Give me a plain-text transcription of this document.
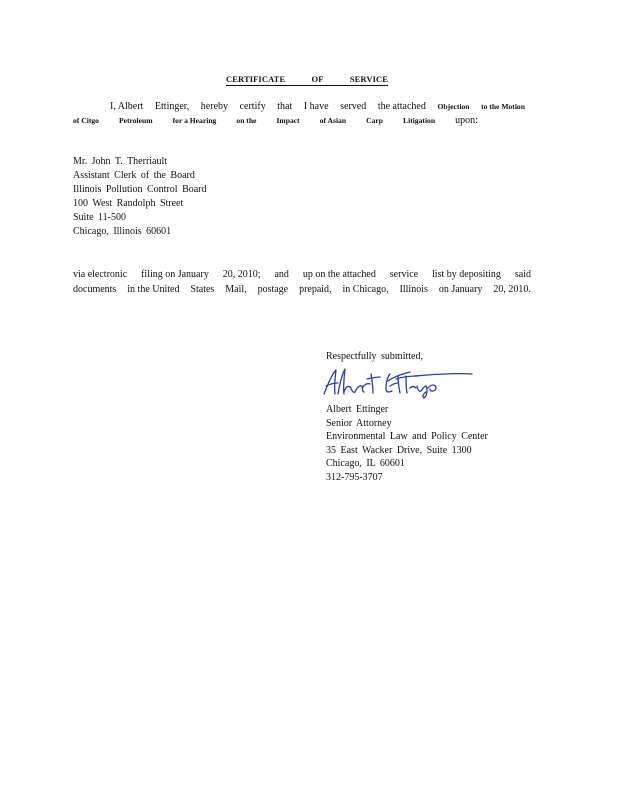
CERTIFICATE	OF	SERVICE
I, Albert Ettinger, hereby certify that I have served the attached Objection to the Motion
of Citgo	Petroleum	for a Hearing	on the	Impact	of Asian	Carp	Litigation upon:
Mr. John T. Therriault
Assistant Clerk of the Board
Illinois Pollution Control Board
100 West Randolph Street
Suite 11-500
Chicago, Illinois 60601
via electronic filing on January 20, 2010; and up on the attached service list by depositing said
documents in the United States Mail, postage prepaid, in Chicago, Illinois on January 20, 2010.
Respectfully submitted,
Albert Ettinger
Senior Attorney
Environmental Law and Policy Center
35 East Wacker Drive, Suite 1300
Chicago, IL 60601
312-795-3707
